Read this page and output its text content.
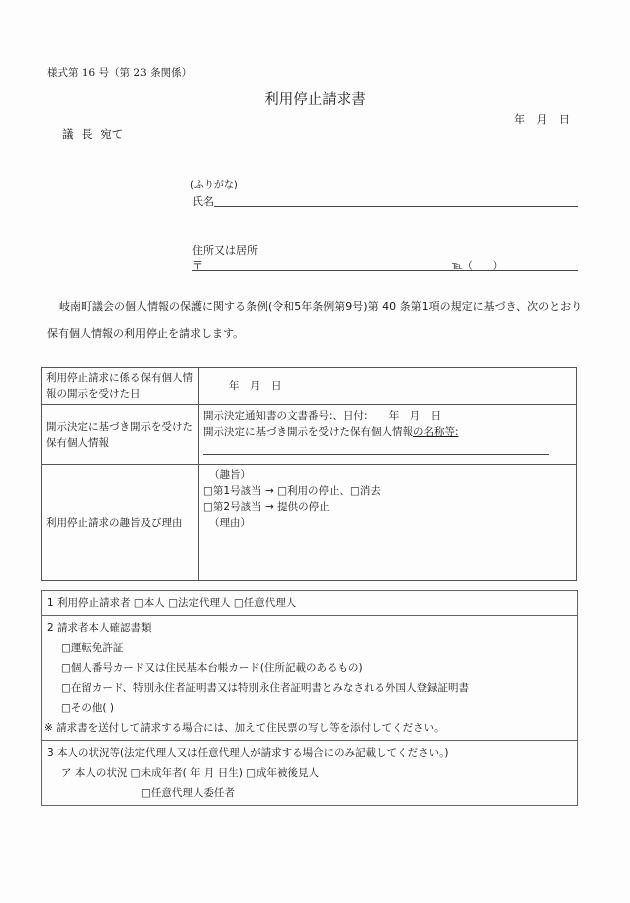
様式第 16 号（第 23 条関係）
利用停止請求書
年 月 日
議 長 宛て
(ふりがな)
氏名
住所又は居所
〒	℡（　　）
岐南町議会の個人情報の保護に関する条例(令和5年条例第9号)第 40 条第1項の規定に基づき、次のとおり保有個人情報の利用停止を請求します。
利用停止請求に係る保有個人情報の開示を受けた日	年　月　日
開示決定に基づき開示を受けた保有個人情報	開示決定通知書の文書番号:、日付:　　年　月　日
開示決定に基づき開示を受けた保有個人情報の名称等:

利用停止請求の趣旨及び理由	（趣旨）
□第1号該当 → □利用の停止、□消去
□第2号該当 → 提供の停止
（理由）
1 利用停止請求者 □本人 □法定代理人 □任意代理人
2 請求者本人確認書類
□運転免許証
□個人番号カード又は住民基本台帳カード(住所記載のあるもの)
□在留カード、特別永住者証明書又は特別永住者証明書とみなされる外国人登録証明書
□その他( )
※ 請求書を送付して請求する場合には、加えて住民票の写し等を添付してください。
3 本人の状況等(法定代理人又は任意代理人が請求する場合にのみ記載してください。)
ア 本人の状況 □未成年者( 年 月 日生) □成年被後見人
□任意代理人委任者
